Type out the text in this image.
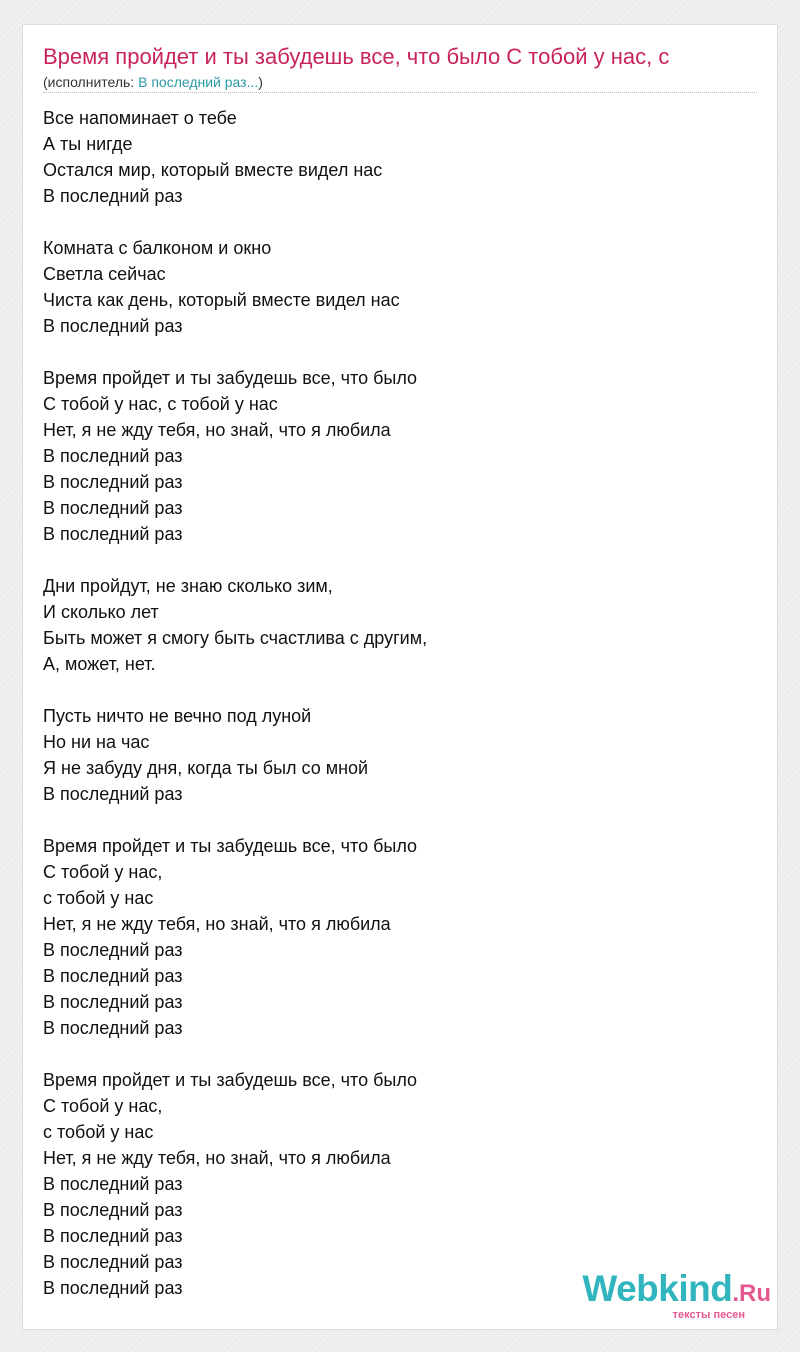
Время пройдет и ты забудешь все, что было С тобой у нас, с
(исполнитель: В последний раз...)
Все напоминает о тебе
А ты нигде
Остался мир, который вместе видел нас
В последний раз
Комната с балконом и окно
Светла сейчас
Чиста как день, который вместе видел нас
В последний раз
Время пройдет и ты забудешь все, что было
С тобой у нас, с тобой у нас
Нет, я не жду тебя, но знай, что я любила
В последний раз
В последний раз
В последний раз
В последний раз
Дни пройдут, не знаю сколько зим,
И сколько лет
Быть может я смогу быть счастлива с другим,
А, может, нет.
Пусть ничто не вечно под луной
Но ни на час
Я не забуду дня, когда ты был со мной
В последний раз
Время пройдет и ты забудешь все, что было
С тобой у нас,
с тобой у нас
Нет, я не жду тебя, но знай, что я любила
В последний раз
В последний раз
В последний раз
В последний раз
Время пройдет и ты забудешь все, что было
С тобой у нас,
с тобой у нас
Нет, я не жду тебя, но знай, что я любила
В последний раз
В последний раз
В последний раз
В последний раз
В последний раз	Webkind.Ru
тексты песен
